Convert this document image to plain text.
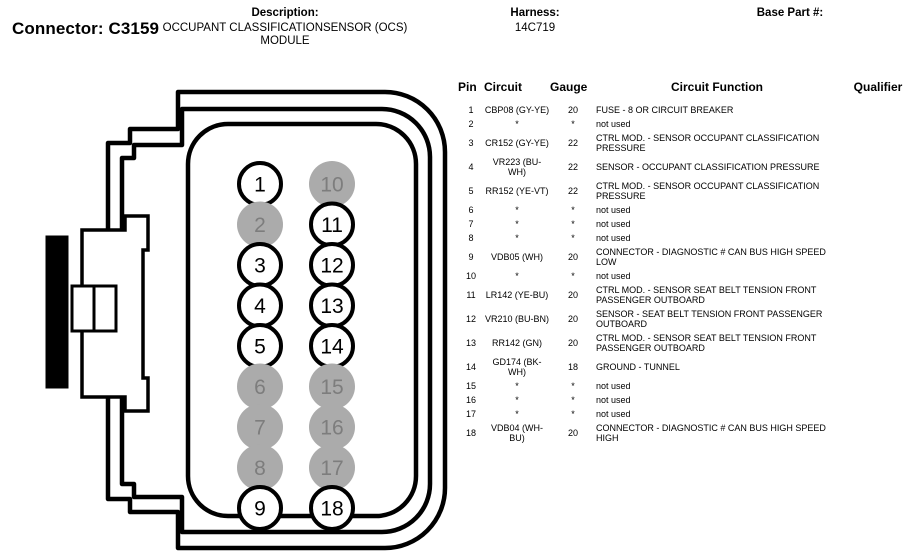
Connector: C3159
Description:
OCCUPANT CLASSIFICATIONSENSOR (OCS) MODULE
Harness:
14C719
Base Part #:
1	10
2	11
3	12
4	13
5	14
6	15
7	16
8	17
9	18
Pin	Circuit	Gauge	Circuit Function	Qualifier
1	CBP08 (GY-YE)	20	FUSE - 8 OR CIRCUIT BREAKER	
2	*	*	not used	
3	CR152 (GY-YE)	22	CTRL MOD. - SENSOR OCCUPANT CLASSIFICATION PRESSURE	
4	VR223 (BU-WH)	22	SENSOR - OCCUPANT CLASSIFICATION PRESSURE	
5	RR152 (YE-VT)	22	CTRL MOD. - SENSOR OCCUPANT CLASSIFICATION PRESSURE	
6	*	*	not used	
7	*	*	not used	
8	*	*	not used	
9	VDB05 (WH)	20	CONNECTOR - DIAGNOSTIC # CAN BUS HIGH SPEED LOW	
10	*	*	not used	
11	LR142 (YE-BU)	20	CTRL MOD. - SENSOR SEAT BELT TENSION FRONT PASSENGER OUTBOARD	
12	VR210 (BU-BN)	20	SENSOR - SEAT BELT TENSION FRONT PASSENGER OUTBOARD	
13	RR142 (GN)	20	CTRL MOD. - SENSOR SEAT BELT TENSION FRONT PASSENGER OUTBOARD	
14	GD174 (BK-WH)	18	GROUND - TUNNEL	
15	*	*	not used	
16	*	*	not used	
17	*	*	not used	
18	VDB04 (WH-BU)	20	CONNECTOR - DIAGNOSTIC # CAN BUS HIGH SPEED HIGH	
